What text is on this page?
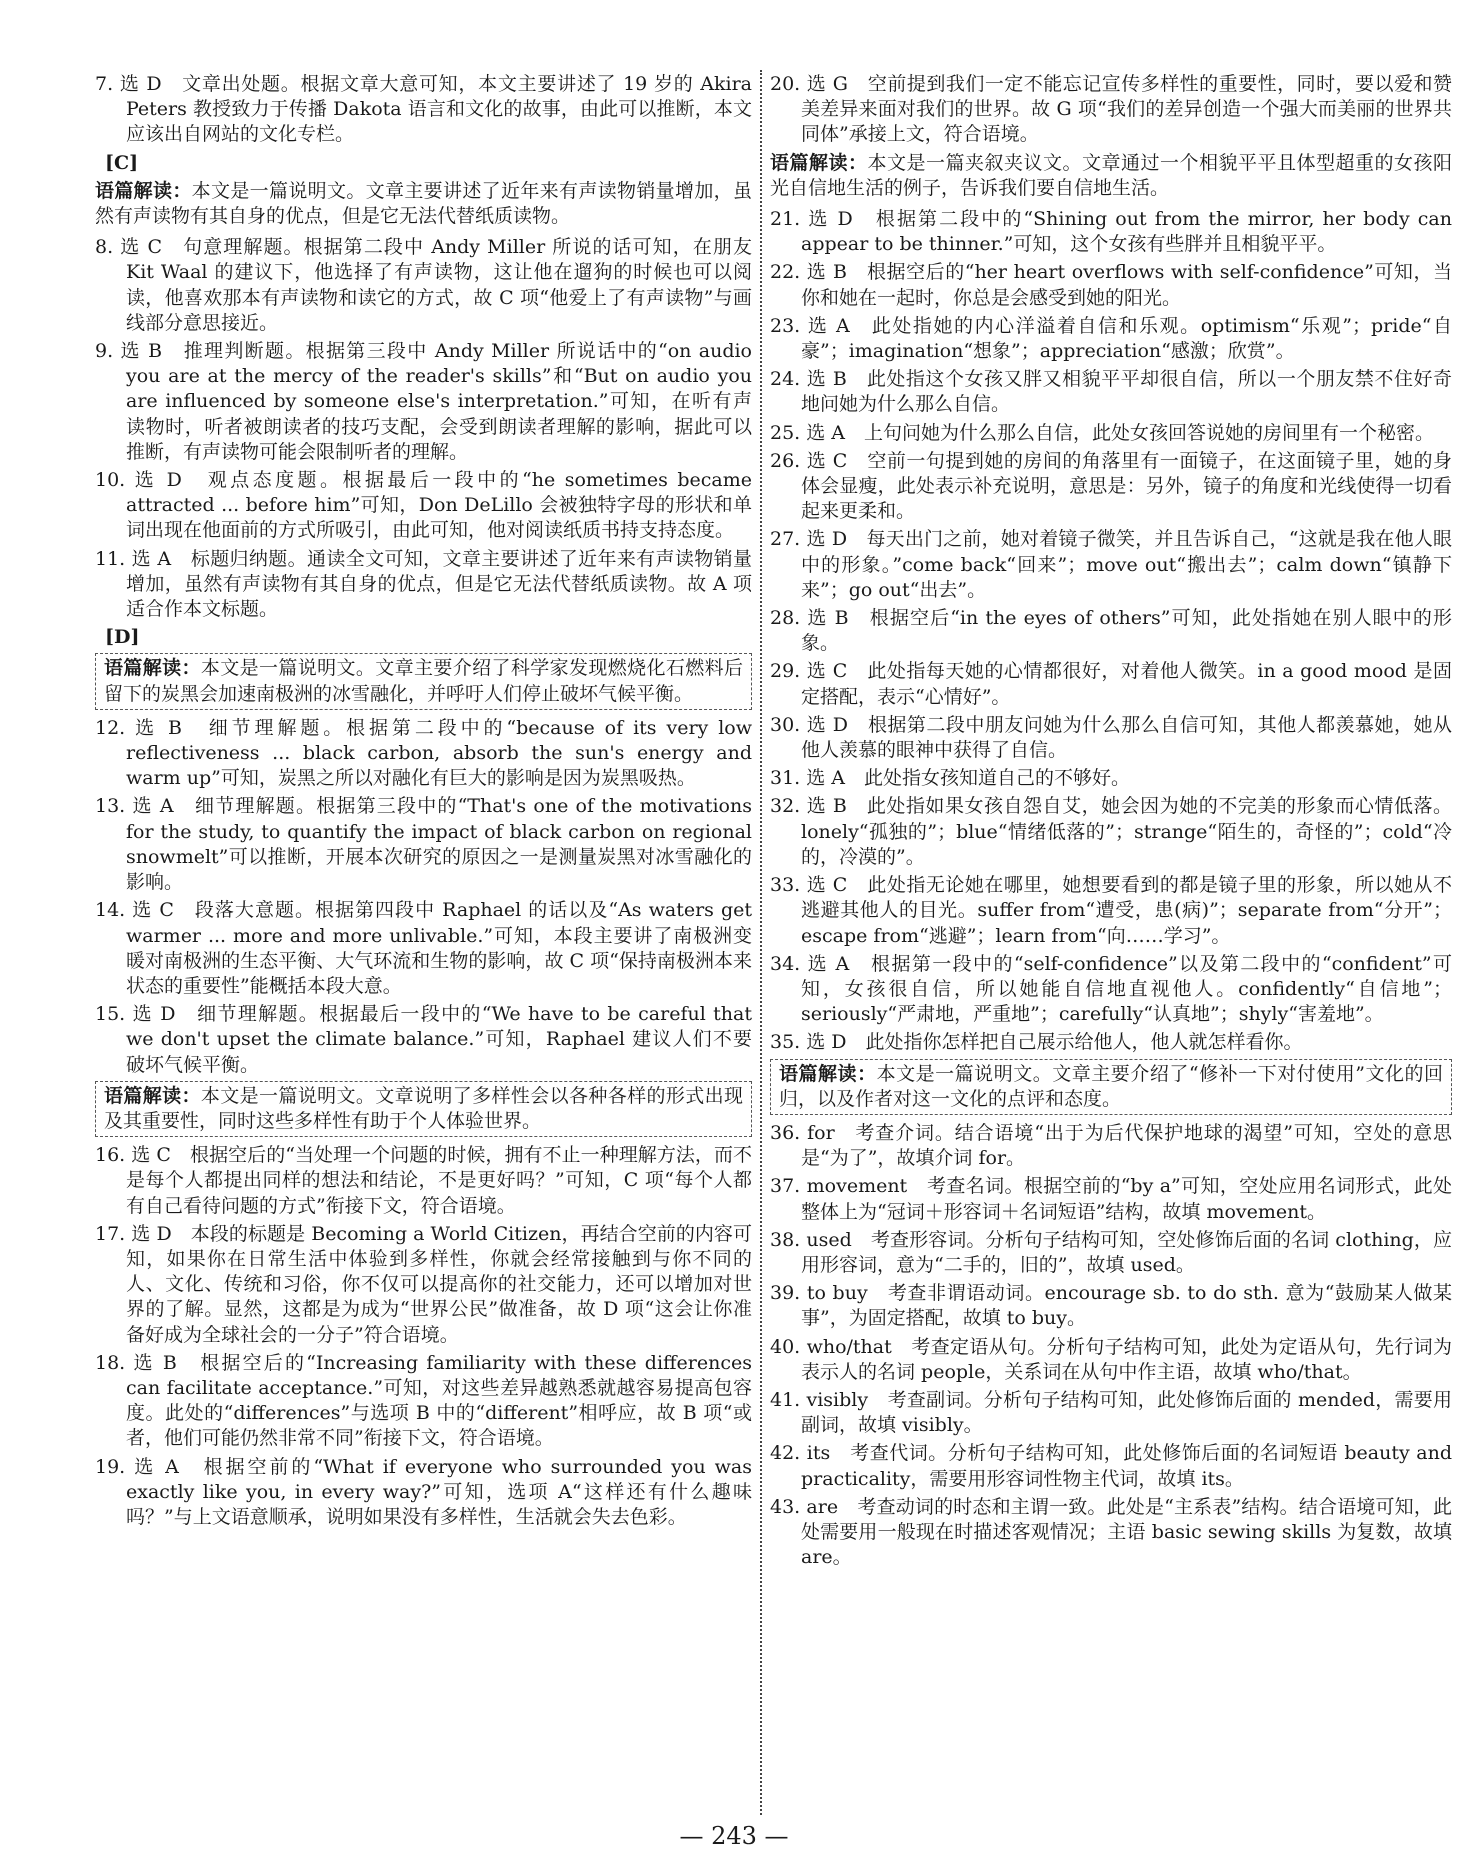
7. 选 D　文章出处题。根据文章大意可知，本文主要讲述了 19 岁的 Akira Peters 教授致力于传播 Dakota 语言和文化的故事，由此可以推断，本文应该出自网站的文化专栏。
[C]
语篇解读：本文是一篇说明文。文章主要讲述了近年来有声读物销量增加，虽然有声读物有其自身的优点，但是它无法代替纸质读物。
8. 选 C　句意理解题。根据第二段中 Andy Miller 所说的话可知，在朋友 Kit Waal 的建议下，他选择了有声读物，这让他在遛狗的时候也可以阅读，他喜欢那本有声读物和读它的方式，故 C 项“他爱上了有声读物”与画线部分意思接近。
9. 选 B　推理判断题。根据第三段中 Andy Miller 所说话中的“on audio you are at the mercy of the reader's skills”和“But on audio you are influenced by someone else's interpretation.”可知，在听有声读物时，听者被朗读者的技巧支配，会受到朗读者理解的影响，据此可以推断，有声读物可能会限制听者的理解。
10. 选 D　观点态度题。根据最后一段中的“he sometimes became attracted ... before him”可知，Don DeLillo 会被独特字母的形状和单词出现在他面前的方式所吸引，由此可知，他对阅读纸质书持支持态度。
11. 选 A　标题归纳题。通读全文可知，文章主要讲述了近年来有声读物销量增加，虽然有声读物有其自身的优点，但是它无法代替纸质读物。故 A 项适合作本文标题。
[D]
语篇解读：本文是一篇说明文。文章主要介绍了科学家发现燃烧化石燃料后留下的炭黑会加速南极洲的冰雪融化，并呼吁人们停止破坏气候平衡。
12. 选 B　细节理解题。根据第二段中的“because of its very low reflectiveness ... black carbon, absorb the sun's energy and warm up”可知，炭黑之所以对融化有巨大的影响是因为炭黑吸热。
13. 选 A　细节理解题。根据第三段中的“That's one of the motivations for the study, to quantify the impact of black carbon on regional snowmelt”可以推断，开展本次研究的原因之一是测量炭黑对冰雪融化的影响。
14. 选 C　段落大意题。根据第四段中 Raphael 的话以及“As waters get warmer ... more and more unlivable.”可知，本段主要讲了南极洲变暖对南极洲的生态平衡、大气环流和生物的影响，故 C 项“保持南极洲本来状态的重要性”能概括本段大意。
15. 选 D　细节理解题。根据最后一段中的“We have to be careful that we don't upset the climate balance.”可知，Raphael 建议人们不要破坏气候平衡。
语篇解读：本文是一篇说明文。文章说明了多样性会以各种各样的形式出现及其重要性，同时这些多样性有助于个人体验世界。
16. 选 C　根据空后的“当处理一个问题的时候，拥有不止一种理解方法，而不是每个人都提出同样的想法和结论，不是更好吗？”可知，C 项“每个人都有自己看待问题的方式”衔接下文，符合语境。
17. 选 D　本段的标题是 Becoming a World Citizen，再结合空前的内容可知，如果你在日常生活中体验到多样性，你就会经常接触到与你不同的人、文化、传统和习俗，你不仅可以提高你的社交能力，还可以增加对世界的了解。显然，这都是为成为“世界公民”做准备，故 D 项“这会让你准备好成为全球社会的一分子”符合语境。
18. 选 B　根据空后的“Increasing familiarity with these differences can facilitate acceptance.”可知，对这些差异越熟悉就越容易提高包容度。此处的“differences”与选项 B 中的“different”相呼应，故 B 项“或者，他们可能仍然非常不同”衔接下文，符合语境。
19. 选 A　根据空前的“What if everyone who surrounded you was exactly like you, in every way?”可知，选项 A“这样还有什么趣味吗？”与上文语意顺承，说明如果没有多样性，生活就会失去色彩。
20. 选 G　空前提到我们一定不能忘记宣传多样性的重要性，同时，要以爱和赞美差异来面对我们的世界。故 G 项“我们的差异创造一个强大而美丽的世界共同体”承接上文，符合语境。
语篇解读：本文是一篇夹叙夹议文。文章通过一个相貌平平且体型超重的女孩阳光自信地生活的例子，告诉我们要自信地生活。
21. 选 D　根据第二段中的“Shining out from the mirror, her body can appear to be thinner.”可知，这个女孩有些胖并且相貌平平。
22. 选 B　根据空后的“her heart overflows with self-confidence”可知，当你和她在一起时，你总是会感受到她的阳光。
23. 选 A　此处指她的内心洋溢着自信和乐观。optimism“乐观”；pride“自豪”；imagination“想象”；appreciation“感激；欣赏”。
24. 选 B　此处指这个女孩又胖又相貌平平却很自信，所以一个朋友禁不住好奇地问她为什么那么自信。
25. 选 A　上句问她为什么那么自信，此处女孩回答说她的房间里有一个秘密。
26. 选 C　空前一句提到她的房间的角落里有一面镜子，在这面镜子里，她的身体会显瘦，此处表示补充说明，意思是：另外，镜子的角度和光线使得一切看起来更柔和。
27. 选 D　每天出门之前，她对着镜子微笑，并且告诉自己，“这就是我在他人眼中的形象。”come back“回来”；move out“搬出去”；calm down“镇静下来”；go out“出去”。
28. 选 B　根据空后“in the eyes of others”可知，此处指她在别人眼中的形象。
29. 选 C　此处指每天她的心情都很好，对着他人微笑。in a good mood 是固定搭配，表示“心情好”。
30. 选 D　根据第二段中朋友问她为什么那么自信可知，其他人都羡慕她，她从他人羡慕的眼神中获得了自信。
31. 选 A　此处指女孩知道自己的不够好。
32. 选 B　此处指如果女孩自怨自艾，她会因为她的不完美的形象而心情低落。lonely“孤独的”；blue“情绪低落的”；strange“陌生的，奇怪的”；cold“冷的，冷漠的”。
33. 选 C　此处指无论她在哪里，她想要看到的都是镜子里的形象，所以她从不逃避其他人的目光。suffer from“遭受，患(病)”；separate from“分开”；escape from“逃避”；learn from“向……学习”。
34. 选 A　根据第一段中的“self-confidence”以及第二段中的“confident”可知，女孩很自信，所以她能自信地直视他人。confidently“自信地”；seriously“严肃地，严重地”；carefully“认真地”；shyly“害羞地”。
35. 选 D　此处指你怎样把自己展示给他人，他人就怎样看你。
语篇解读：本文是一篇说明文。文章主要介绍了“修补一下对付使用”文化的回归，以及作者对这一文化的点评和态度。
36. for　考查介词。结合语境“出于为后代保护地球的渴望”可知，空处的意思是“为了”，故填介词 for。
37. movement　考查名词。根据空前的“by a”可知，空处应用名词形式，此处整体上为“冠词＋形容词＋名词短语”结构，故填 movement。
38. used　考查形容词。分析句子结构可知，空处修饰后面的名词 clothing，应用形容词，意为“二手的，旧的”，故填 used。
39. to buy　考查非谓语动词。encourage sb. to do sth. 意为“鼓励某人做某事”，为固定搭配，故填 to buy。
40. who/that　考查定语从句。分析句子结构可知，此处为定语从句，先行词为表示人的名词 people，关系词在从句中作主语，故填 who/that。
41. visibly　考查副词。分析句子结构可知，此处修饰后面的 mended，需要用副词，故填 visibly。
42. its　考查代词。分析句子结构可知，此处修饰后面的名词短语 beauty and practicality，需要用形容词性物主代词，故填 its。
43. are　考查动词的时态和主谓一致。此处是“主系表”结构。结合语境可知，此处需要用一般现在时描述客观情况；主语 basic sewing skills 为复数，故填 are。
— 243 —
